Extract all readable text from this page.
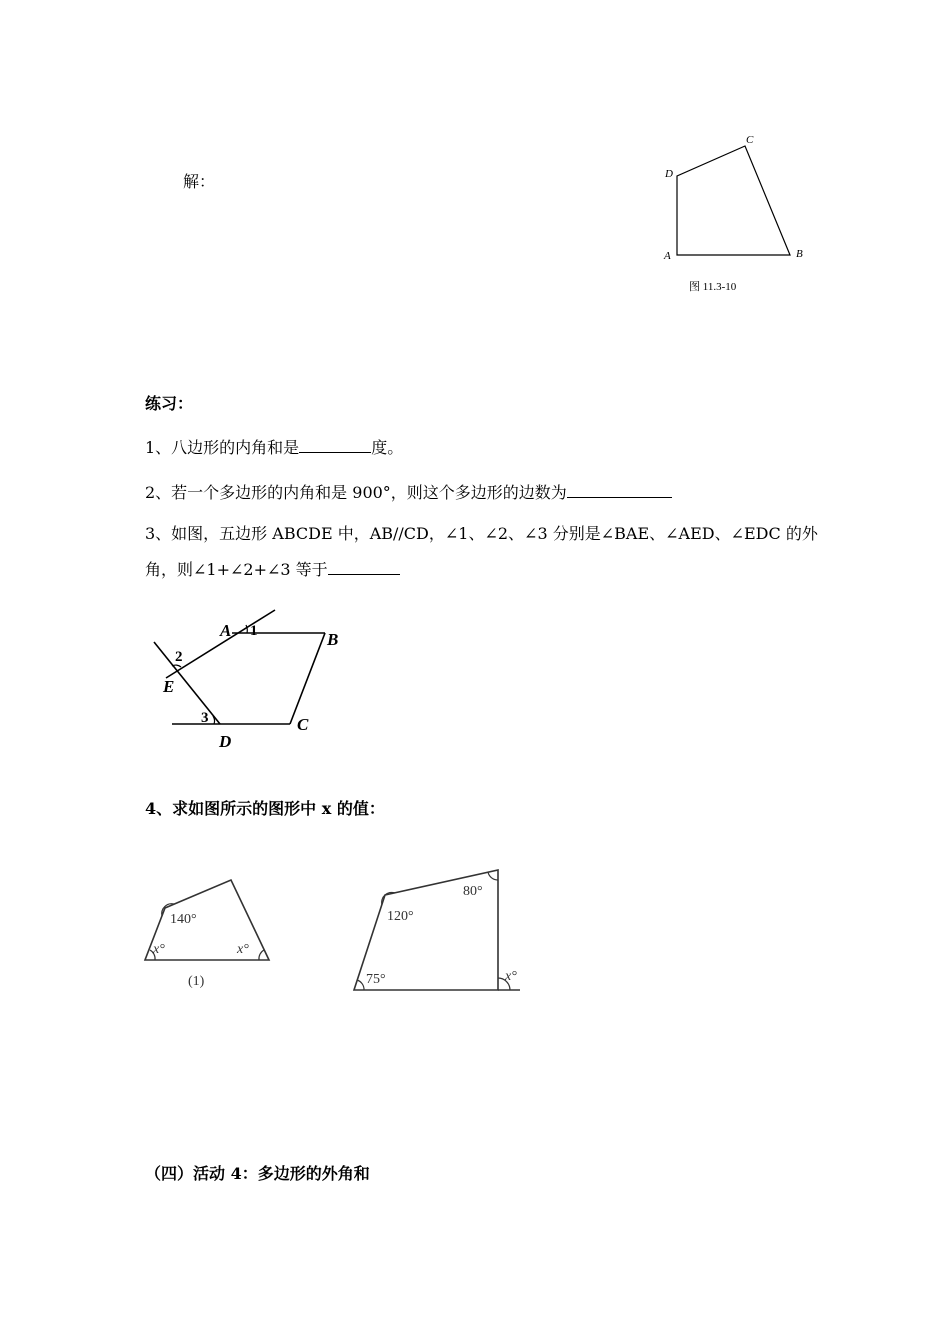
解：
A	B
C
D
图 11.3-10
练习：
1、八边形的内角和是	度。
2、若一个多边形的内角和是 900°，则这个多边形的边数为
3、如图，五边形 ABCDE 中，AB//CD，∠1、∠2、∠3 分别是∠BAE、∠AED、∠EDC 的外
角，则∠1+∠2+∠3 等于
A 1	B
2
E
3	C
D
4、求如图所示的图形中 x 的值：
140°
x°	x°
(1)
120°
80°
75°	x°
（四）活动 4：多边形的外角和
